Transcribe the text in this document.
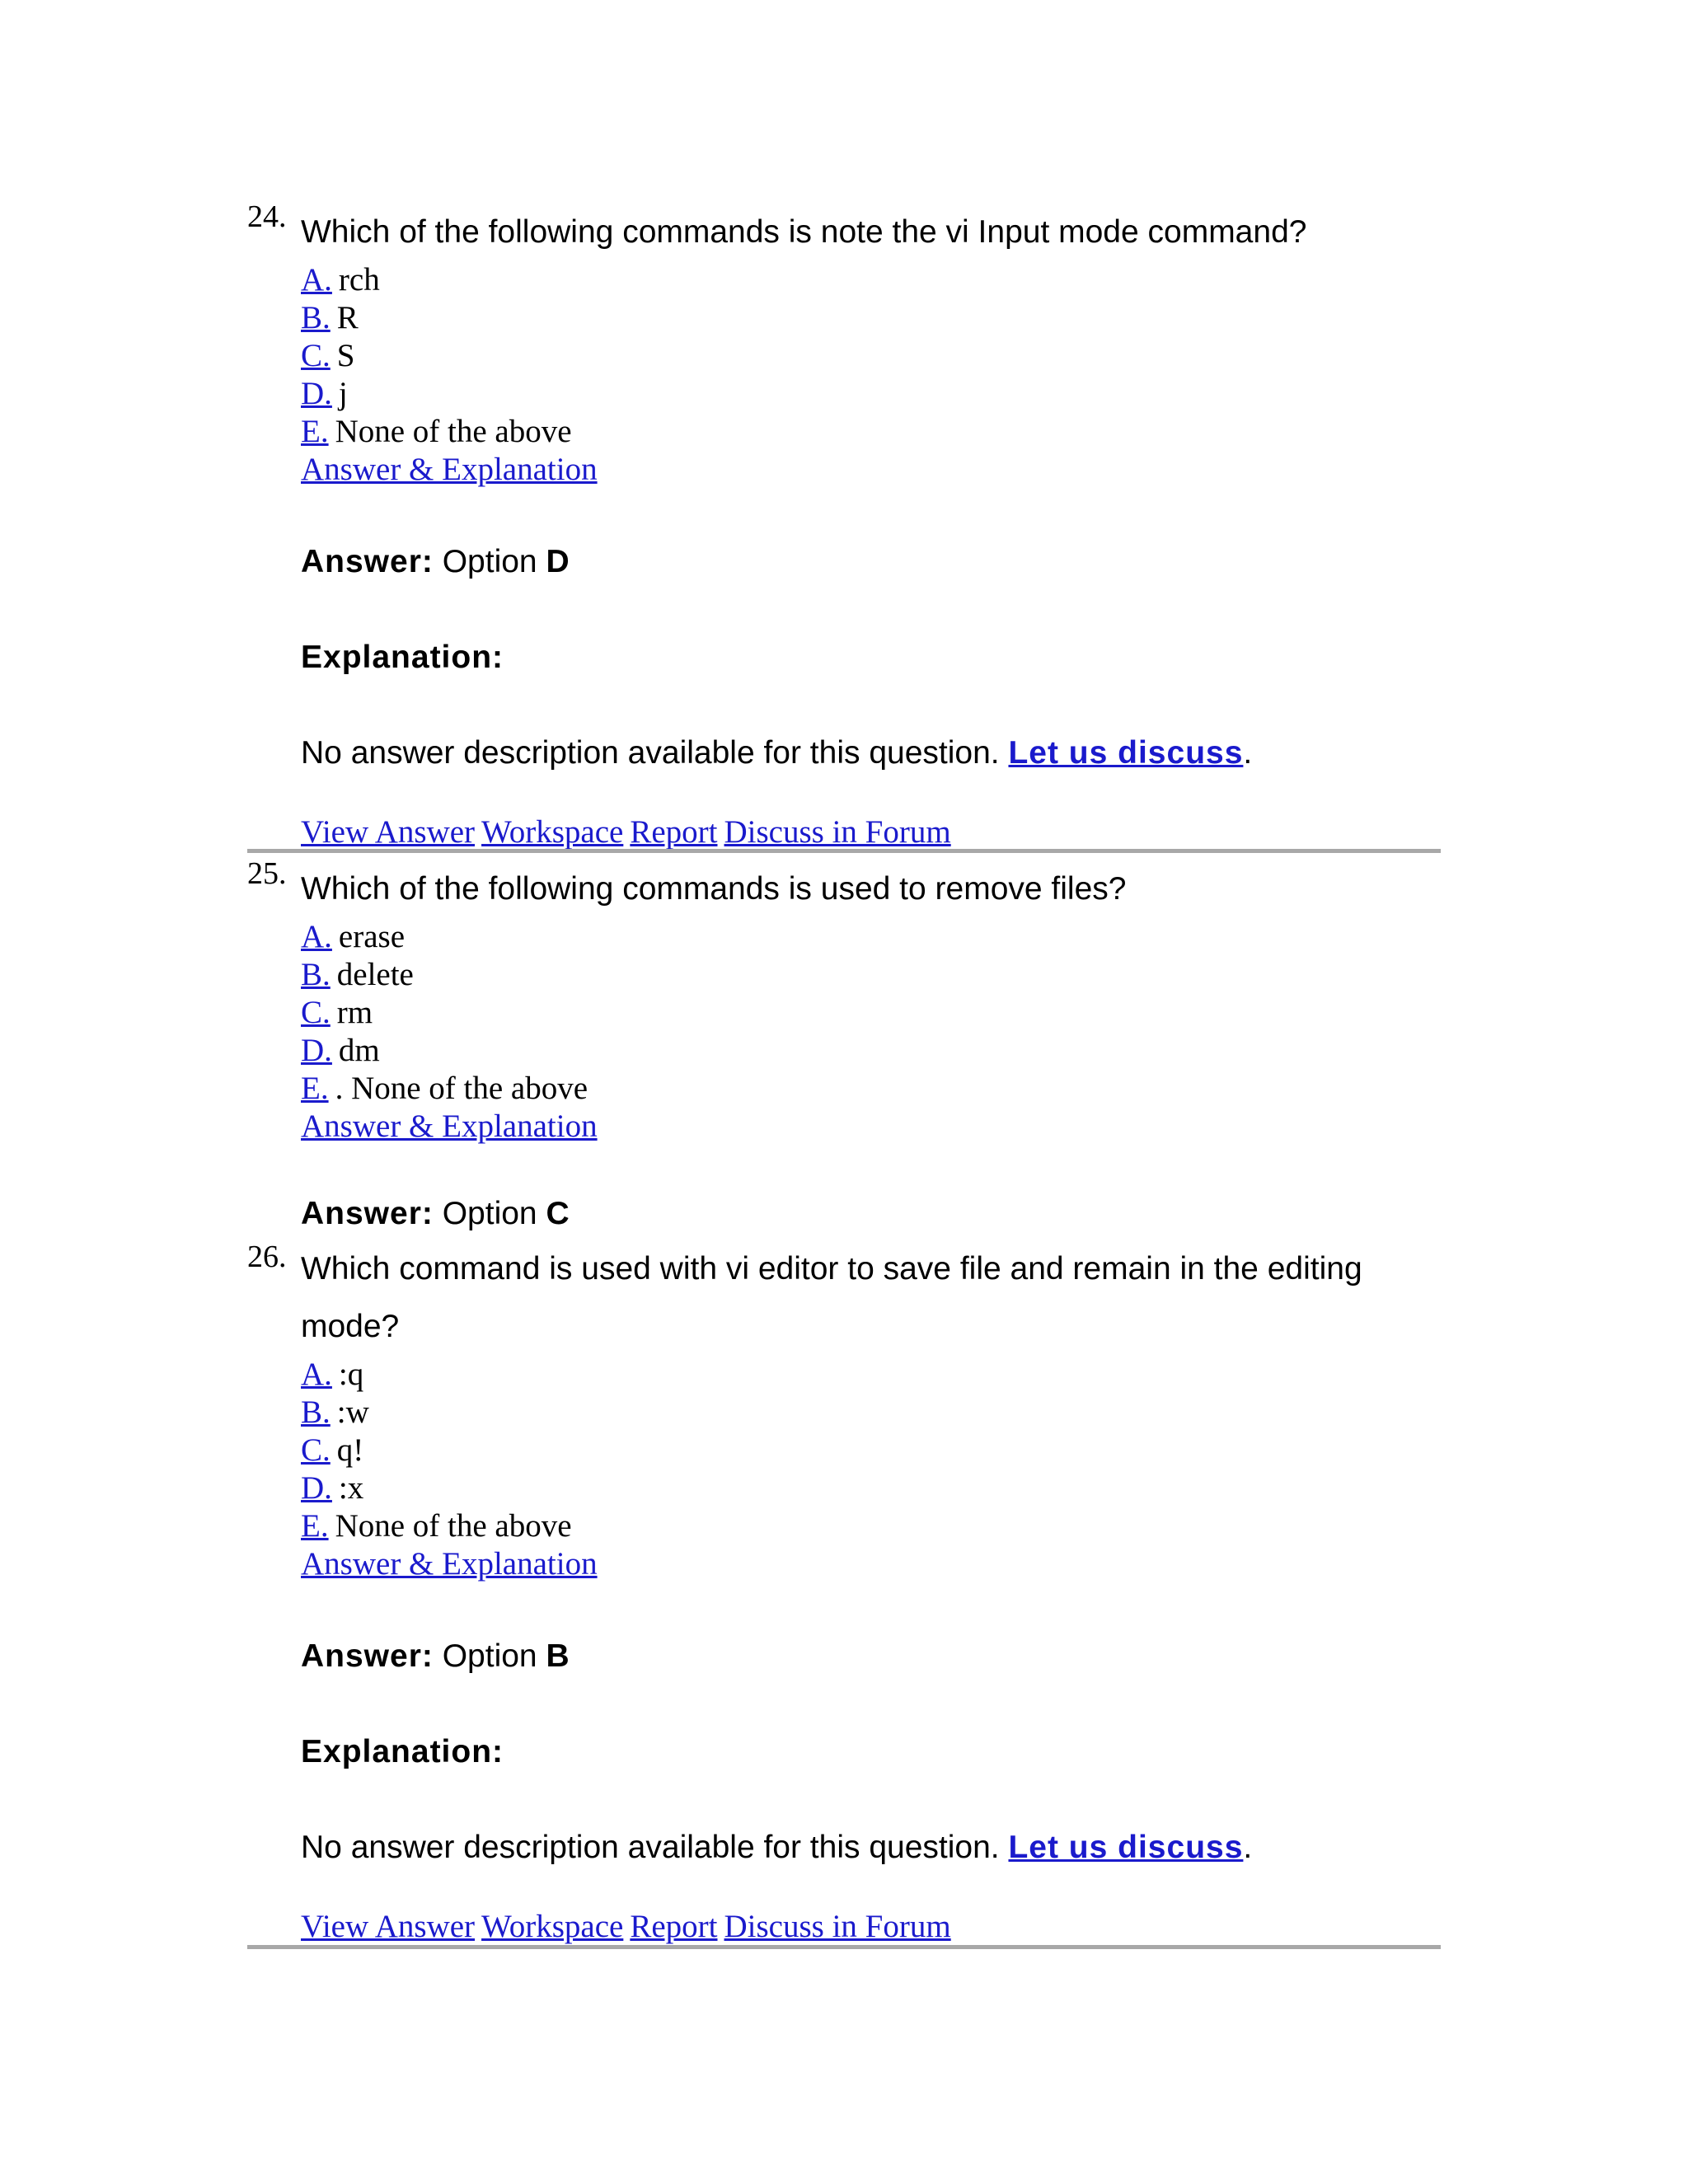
24. Which of the following commands is note the vi Input mode command?
A. rch
B. R
C. S
D. j
E. None of the above
Answer & Explanation
Answer: Option D
Explanation:
No answer description available for this question. Let us discuss.
View Answer Workspace Report Discuss in Forum
25. Which of the following commands is used to remove files?
A. erase
B. delete
C. rm
D. dm
E. . None of the above
Answer & Explanation
Answer: Option C
26. Which command is used with vi editor to save file and remain in the editing mode?
A. :q
B. :w
C. q!
D. :x
E. None of the above
Answer & Explanation
Answer: Option B
Explanation:
No answer description available for this question. Let us discuss.
View Answer Workspace Report Discuss in Forum
